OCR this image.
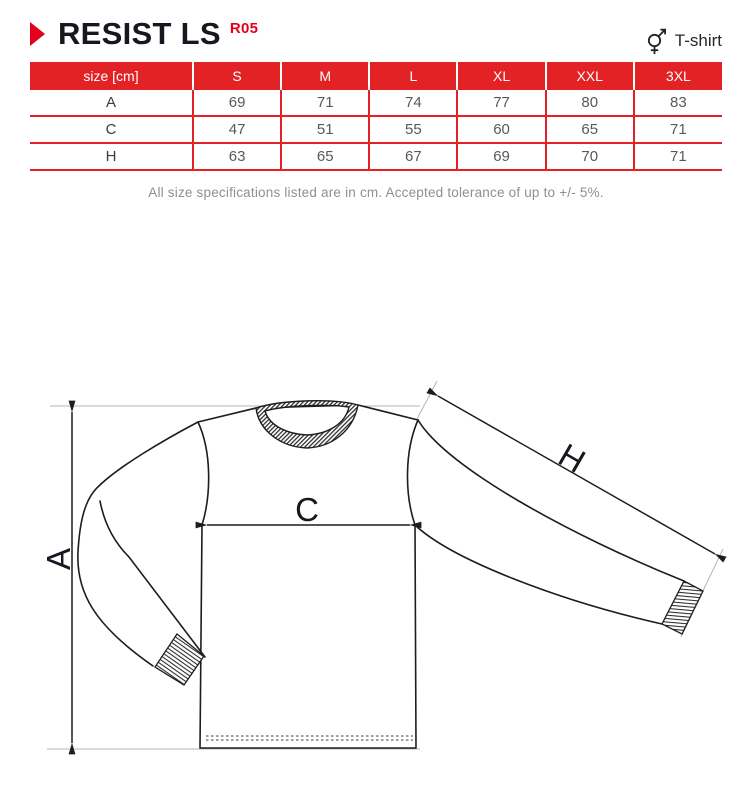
RESIST LS R05
T-shirt
size [cm]	S	M	L	XL	XXL	3XL
A	69	71	74	77	80	83
C	47	51	55	60	65	71
H	63	65	67	69	70	71
All size specifications listed are in cm. Accepted tolerance of up to +/- 5%.
A
C
H
